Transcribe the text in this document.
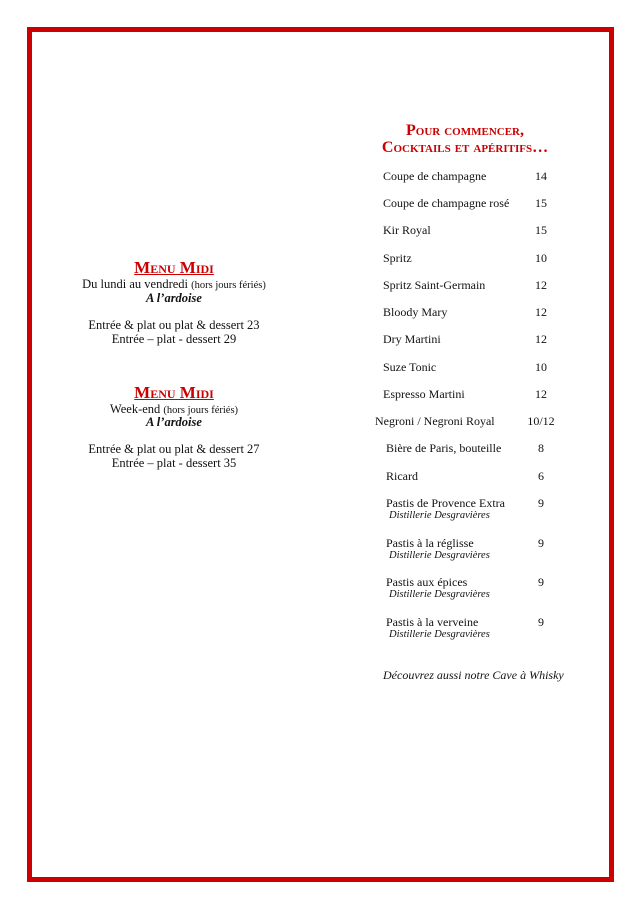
Menu Midi
Du lundi au vendredi (hors jours fériés)
A l’ardoise
Entrée & plat ou plat & dessert 23
Entrée – plat - dessert 29
Menu Midi
Week-end (hors jours fériés)
A l’ardoise
Entrée & plat ou plat & dessert 27
Entrée – plat - dessert 35
Pour commencer,
Cocktails et apéritifs…
Coupe de champagne	14
Coupe de champagne rosé	15
Kir Royal	15
Spritz	10
Spritz Saint-Germain	12
Bloody Mary	12
Dry Martini	12
Suze Tonic	10
Espresso Martini	12
Negroni / Negroni Royal	10/12
Bière de Paris, bouteille	8
Ricard	6
Pastis de Provence Extra	9
Distillerie Desgravières
Pastis à la réglisse	9
Distillerie Desgravières
Pastis aux épices	9
Distillerie Desgravières
Pastis à la verveine	9
Distillerie Desgravières
Découvrez aussi notre Cave à Whisky
